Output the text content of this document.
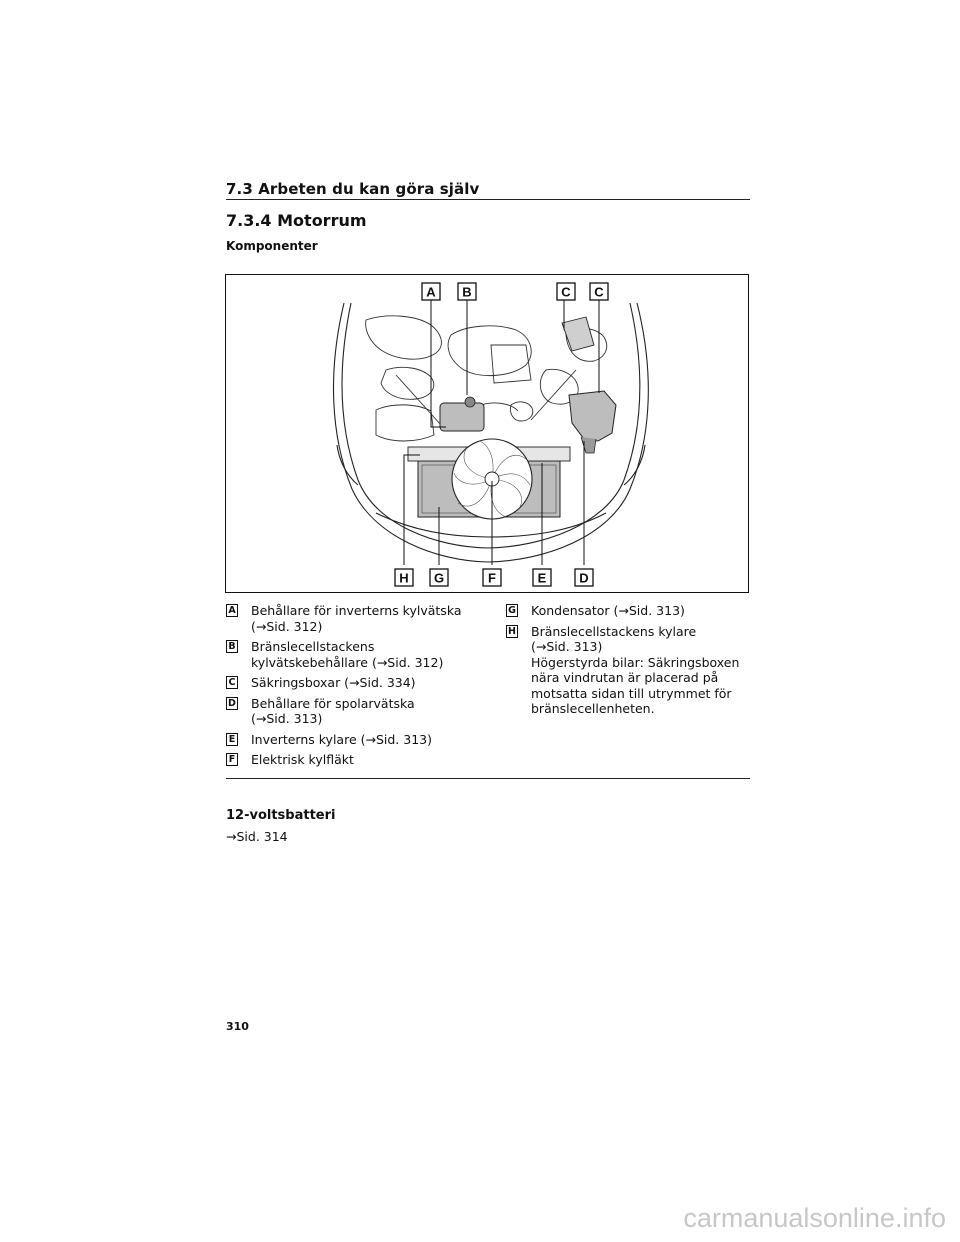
7.3 Arbeten du kan göra själv
7.3.4 Motorrum
Komponenter
A B	C C
H G	F	E	D
A Behållare för inverterns kylvätska
(→Sid. 312)
B Bränslecellstackens
kylvätskebehållare (→Sid. 312)
C Säkringsboxar (→Sid. 334)
D Behållare för spolarvätska
(→Sid. 313)
E Inverterns kylare (→Sid. 313)
F Elektrisk kylfläkt
G Kondensator (→Sid. 313)
H Bränslecellstackens kylare
(→Sid. 313)
Högerstyrda bilar: Säkringsboxen
nära vindrutan är placerad på
motsatta sidan till utrymmet för
bränslecellenheten.
12-voltsbatteri
→Sid. 314
310
carmanualsonline.info
